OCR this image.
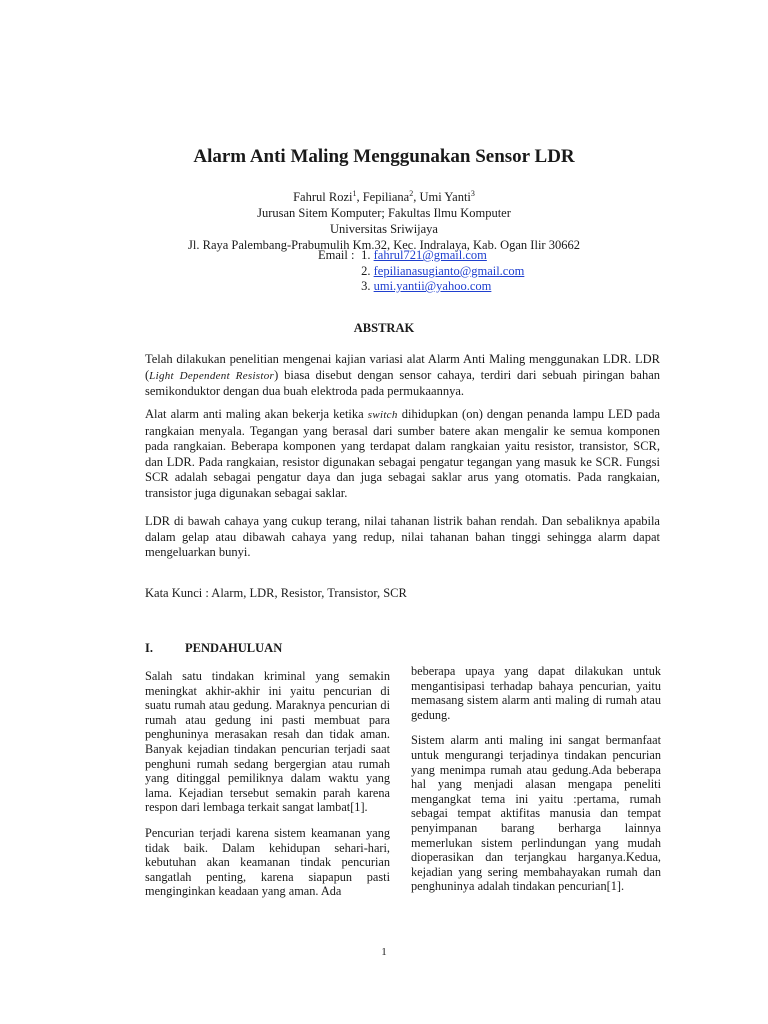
Alarm Anti Maling Menggunakan Sensor LDR
Fahrul Rozi$^1$, Fepiliana$^2$, Umi Yanti$^3$
Jurusan Sitem Komputer; Fakultas Ilmu Komputer
Universitas Sriwijaya
Jl. Raya Palembang-Prabumulih Km.32, Kec. Indralaya, Kab. Ogan Ilir 30662
Email : 1. fahrul721@gmail.com
2. fepilianasugianto@gmail.com
3. umi.yantii@yahoo.com
ABSTRAK

Telah dilakukan penelitian mengenai kajian variasi alat Alarm Anti Maling menggunakan LDR. LDR (Light Dependent Resistor) biasa disebut dengan sensor cahaya, terdiri dari sebuah piringan bahan semikonduktor dengan dua buah elektroda pada permukaannya.

Alat alarm anti maling akan bekerja ketika switch dihidupkan (on) dengan penanda lampu LED pada rangkaian menyala. Tegangan yang berasal dari sumber batere akan mengalir ke semua komponen pada rangkaian. Beberapa komponen yang terdapat dalam rangkaian yaitu resistor, transistor, SCR, dan LDR. Pada rangkaian, resistor digunakan sebagai pengatur tegangan yang masuk ke SCR. Fungsi SCR adalah sebagai pengatur daya dan juga sebagai saklar arus yang otomatis. Pada rangkaian, transistor juga digunakan sebagai saklar.

LDR di bawah cahaya yang cukup terang, nilai tahanan listrik bahan rendah. Dan sebaliknya apabila dalam gelap atau dibawah cahaya yang redup, nilai tahanan bahan tinggi sehingga alarm dapat mengeluarkan bunyi.

Kata Kunci : Alarm, LDR, Resistor, Transistor, SCR

I.	PENDAHULUAN

Salah satu tindakan kriminal yang semakin meningkat akhir-akhir ini yaitu pencurian di suatu rumah atau gedung. Maraknya pencurian di rumah atau gedung ini pasti membuat para penghuninya merasakan resah dan tidak aman. Banyak kejadian tindakan pencurian terjadi saat penghuni rumah sedang bergergian atau rumah yang ditinggal pemiliknya dalam waktu yang lama. Kejadian tersebut semakin parah karena respon dari lembaga terkait sangat lambat[1].

Pencurian terjadi karena sistem keamanan yang tidak baik. Dalam kehidupan sehari-hari, kebutuhan akan keamanan tindak pencurian sangatlah penting, karena siapapun pasti menginginkan keadaan yang aman. Ada

beberapa upaya yang dapat dilakukan untuk mengantisipasi terhadap bahaya pencurian, yaitu memasang sistem alarm anti maling di rumah atau gedung.

Sistem alarm anti maling ini sangat bermanfaat untuk mengurangi terjadinya tindakan pencurian yang menimpa rumah atau gedung.Ada beberapa hal yang menjadi alasan mengapa peneliti mengangkat tema ini yaitu :pertama, rumah sebagai tempat aktifitas manusia dan tempat penyimpanan barang berharga lainnya memerlukan sistem perlindungan yang mudah dioperasikan dan terjangkau harganya.Kedua, kejadian yang sering membahayakan rumah dan penghuninya adalah tindakan pencurian[1].

1
